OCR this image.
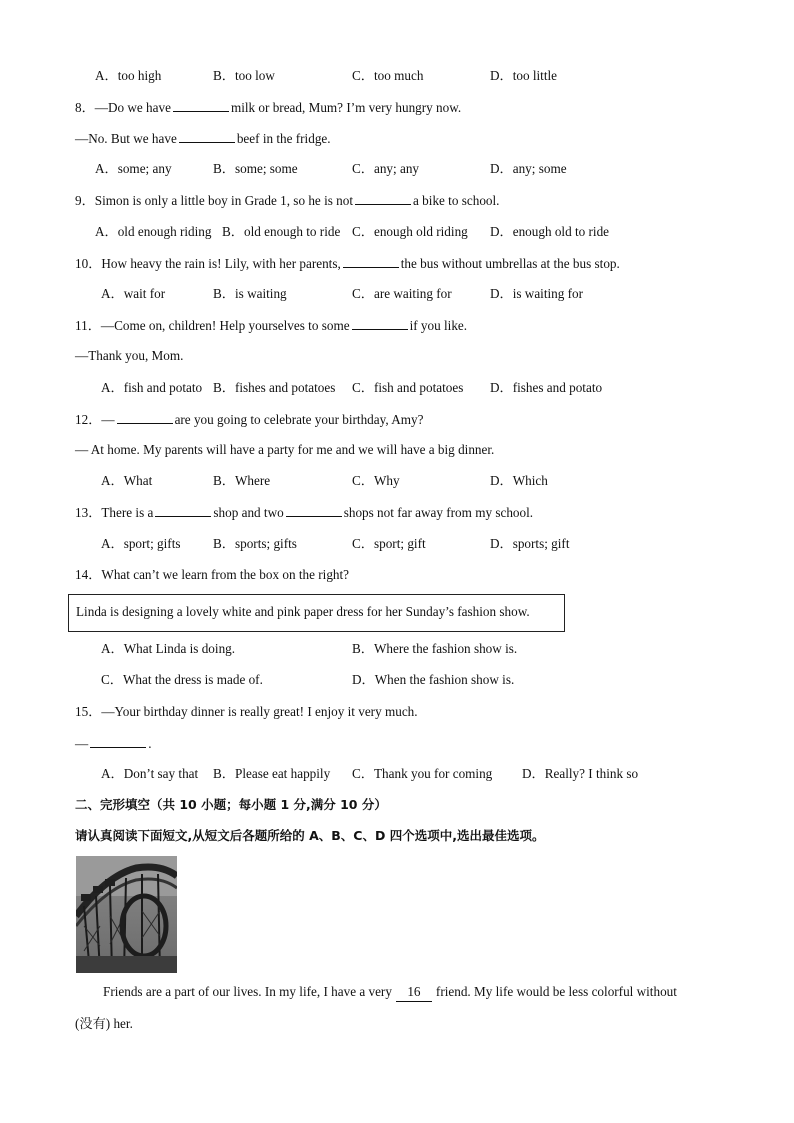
A．too high	B．too low	C．too much	D．too little
8．—Do we have	milk or bread, Mum? I’m very hungry now.
—No. But we have	beef in the fridge.
A．some; any	B．some; some	C．any; any	D．any; some
9．Simon is only a little boy in Grade 1, so he is not	a bike to school.
A．old enough riding B．old enough to ride C．enough old riding D．enough old to ride
10．How heavy the rain is! Lily, with her parents,	the bus without umbrellas at the bus stop.
A．wait for	B．is waiting	C．are waiting for	D．is waiting for
11．—Come on, children! Help yourselves to some	if you like.
—Thank you, Mom.
A．fish and potato B．fishes and potatoes C．fish and potatoes D．fishes and potato
12．—	are you going to celebrate your birthday, Amy?
— At home. My parents will have a party for me and we will have a big dinner.
A．What	B．Where	C．Why	D．Which
13．There is a	shop and two	shops not far away from my school.
A．sport; gifts B．sports; gifts	C．sport; gift	D．sports; gift
14．What can’t we learn from the box on the right?
Linda is designing a lovely white and pink paper dress for her Sunday’s fashion show.
A．What Linda is doing.	B．Where the fashion show is.
C．What the dress is made of.	D．When the fashion show is.
15．—Your birthday dinner is really great! I enjoy it very much.
—	.
A．Don’t say that B．Please eat happily C．Thank you for coming D．Really? I think so
二、完形填空（共 10 小题；每小题 1 分,满分 10 分）
请认真阅读下面短文,从短文后各题所给的 A、B、C、D 四个选项中,选出最佳选项。
Friends are a part of our lives. In my life, I have a very 16 friend. My life would be less colorful without
(没有) her.
